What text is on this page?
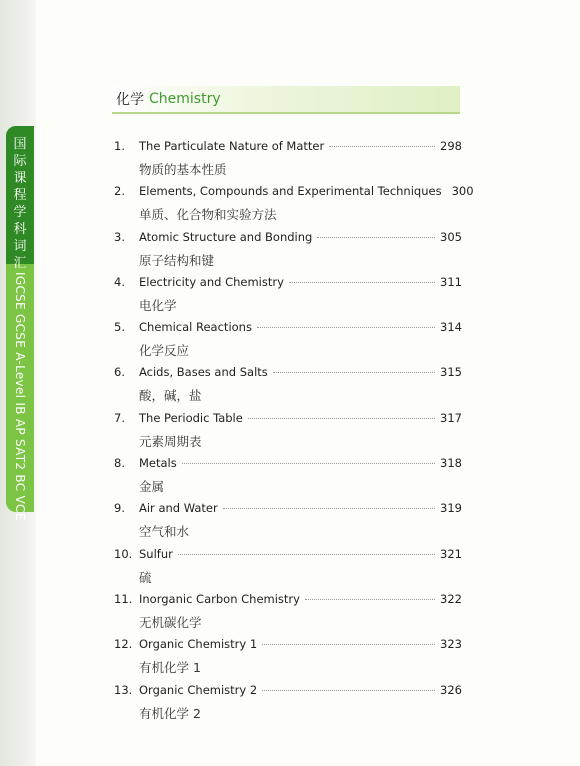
国
际
课
程
学
科
词
汇
IGCSE GCSE A-Level IB AP SAT2 BC VCE
化学 Chemistry
1.	The Particulate Nature of Matter	298
物质的基本性质
2.	Elements, Compounds and Experimental Techniques 300
单质、化合物和实验方法
3.	Atomic Structure and Bonding	305
原子结构和键
4.	Electricity and Chemistry	311
电化学
5.	Chemical Reactions	314
化学反应
6.	Acids, Bases and Salts	315
酸，碱，盐
7.	The Periodic Table	317
元素周期表
8.	Metals	318
金属
9.	Air and Water	319
空气和水
10. Sulfur	321
硫
11. Inorganic Carbon Chemistry	322
无机碳化学
12. Organic Chemistry 1	323
有机化学 1
13. Organic Chemistry 2	326
有机化学 2
